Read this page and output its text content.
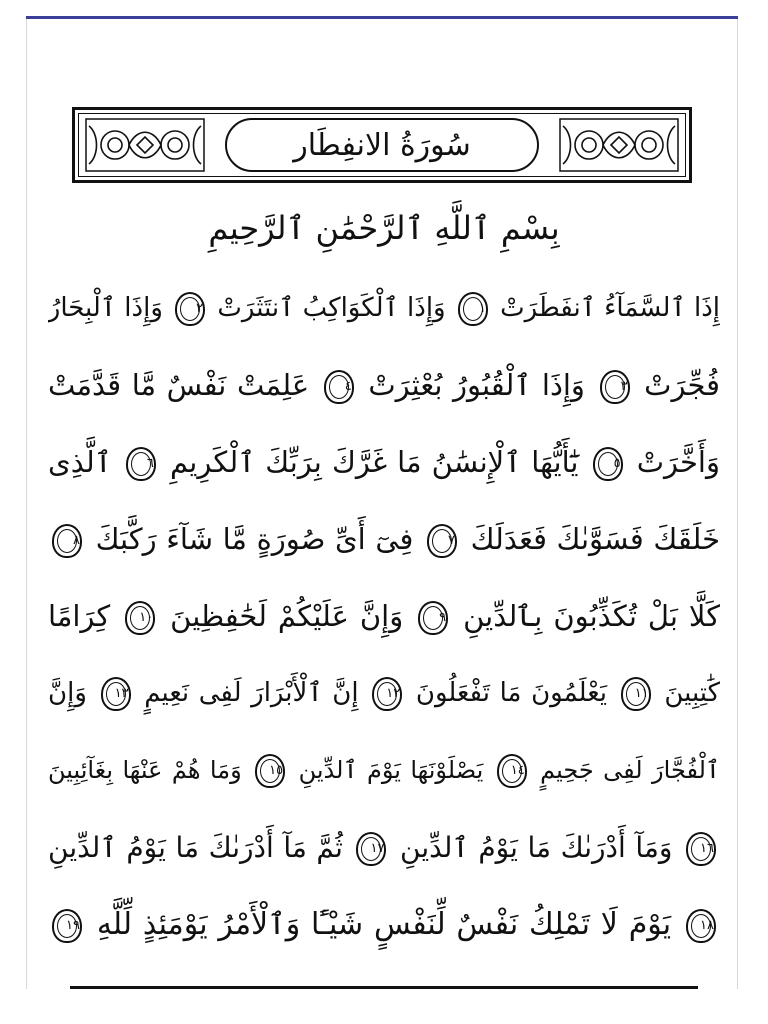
سُورَةُ الانفِطَار
بِسْمِ ٱللَّهِ ٱلرَّحْمَٰنِ ٱلرَّحِيمِ
إِذَا ٱلسَّمَآءُ ٱنفَطَرَتْ ١ وَإِذَا ٱلْكَوَاكِبُ ٱنتَثَرَتْ ٢ وَإِذَا ٱلْبِحَارُ
فُجِّرَتْ ٣ وَإِذَا ٱلْقُبُورُ بُعْثِرَتْ ٤ عَلِمَتْ نَفْسٌ مَّا قَدَّمَتْ
وَأَخَّرَتْ ٥ يَٰٓأَيُّهَا ٱلْإِنسَٰنُ مَا غَرَّكَ بِرَبِّكَ ٱلْكَرِيمِ ٦ ٱلَّذِى
خَلَقَكَ فَسَوَّىٰكَ فَعَدَلَكَ ٧ فِىٓ أَىِّ صُورَةٍ مَّا شَآءَ رَكَّبَكَ ٨
كَلَّا بَلْ تُكَذِّبُونَ بِٱلدِّينِ ٩ وَإِنَّ عَلَيْكُمْ لَحَٰفِظِينَ ١٠ كِرَامًا
كَٰتِبِينَ ١١ يَعْلَمُونَ مَا تَفْعَلُونَ ١٢ إِنَّ ٱلْأَبْرَارَ لَفِى نَعِيمٍ ١٣ وَإِنَّ
ٱلْفُجَّارَ لَفِى جَحِيمٍ ١٤ يَصْلَوْنَهَا يَوْمَ ٱلدِّينِ ١٥ وَمَا هُمْ عَنْهَا بِغَآئِبِينَ
١٦ وَمَآ أَدْرَىٰكَ مَا يَوْمُ ٱلدِّينِ ١٧ ثُمَّ مَآ أَدْرَىٰكَ مَا يَوْمُ ٱلدِّينِ
١٨ يَوْمَ لَا تَمْلِكُ نَفْسٌ لِّنَفْسٍ شَيْـًٔا وَٱلْأَمْرُ يَوْمَئِذٍ لِّلَّهِ ١٩
